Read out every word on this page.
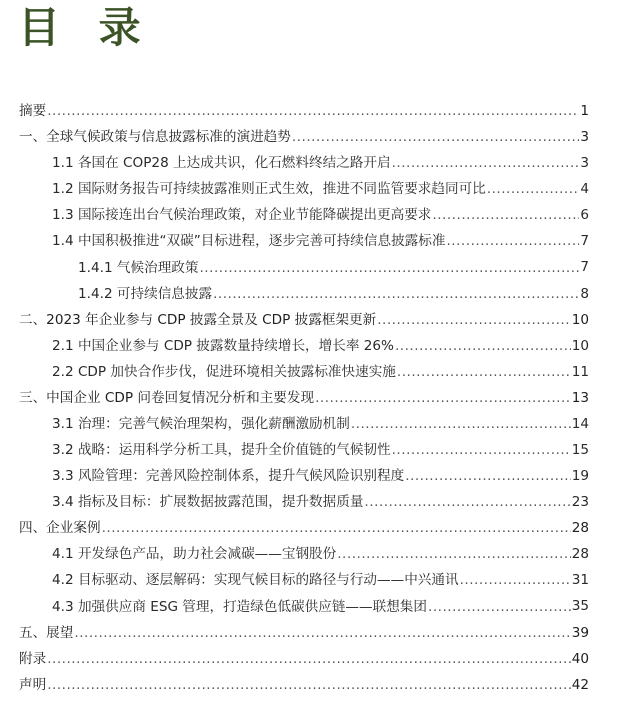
目 录
摘要 .....	1
一、全球气候政策与信息披露标准的演进趋势 .....	3
1.1 各国在 COP28 上达成共识，化石燃料终结之路开启 .....	3
1.2 国际财务报告可持续披露准则正式生效，推进不同监管要求趋同可比 .....	4
1.3 国际接连出台气候治理政策，对企业节能降碳提出更高要求 .....	6
1.4 中国积极推进“双碳”目标进程，逐步完善可持续信息披露标准 .....	7
1.4.1 气候治理政策 .....	7
1.4.2 可持续信息披露 .....	8
二、2023 年企业参与 CDP 披露全景及 CDP 披露框架更新 .....	10
2.1 中国企业参与 CDP 披露数量持续增长，增长率 26% .....	10
2.2 CDP 加快合作步伐，促进环境相关披露标准快速实施 .....	11
三、中国企业 CDP 问卷回复情况分析和主要发现 .....	13
3.1 治理：完善气候治理架构，强化薪酬激励机制 .....	14
3.2 战略：运用科学分析工具，提升全价值链的气候韧性 .....	15
3.3 风险管理：完善风险控制体系，提升气候风险识别程度 .....	19
3.4 指标及目标：扩展数据披露范围，提升数据质量 .....	23
四、企业案例 .....	28
4.1 开发绿色产品，助力社会减碳——宝钢股份 .....	28
4.2 目标驱动、逐层解码：实现气候目标的路径与行动——中兴通讯 .....	31
4.3 加强供应商 ESG 管理，打造绿色低碳供应链——联想集团 .....	35
五、展望 .....	39
附录 .....	40
声明 .....	42
